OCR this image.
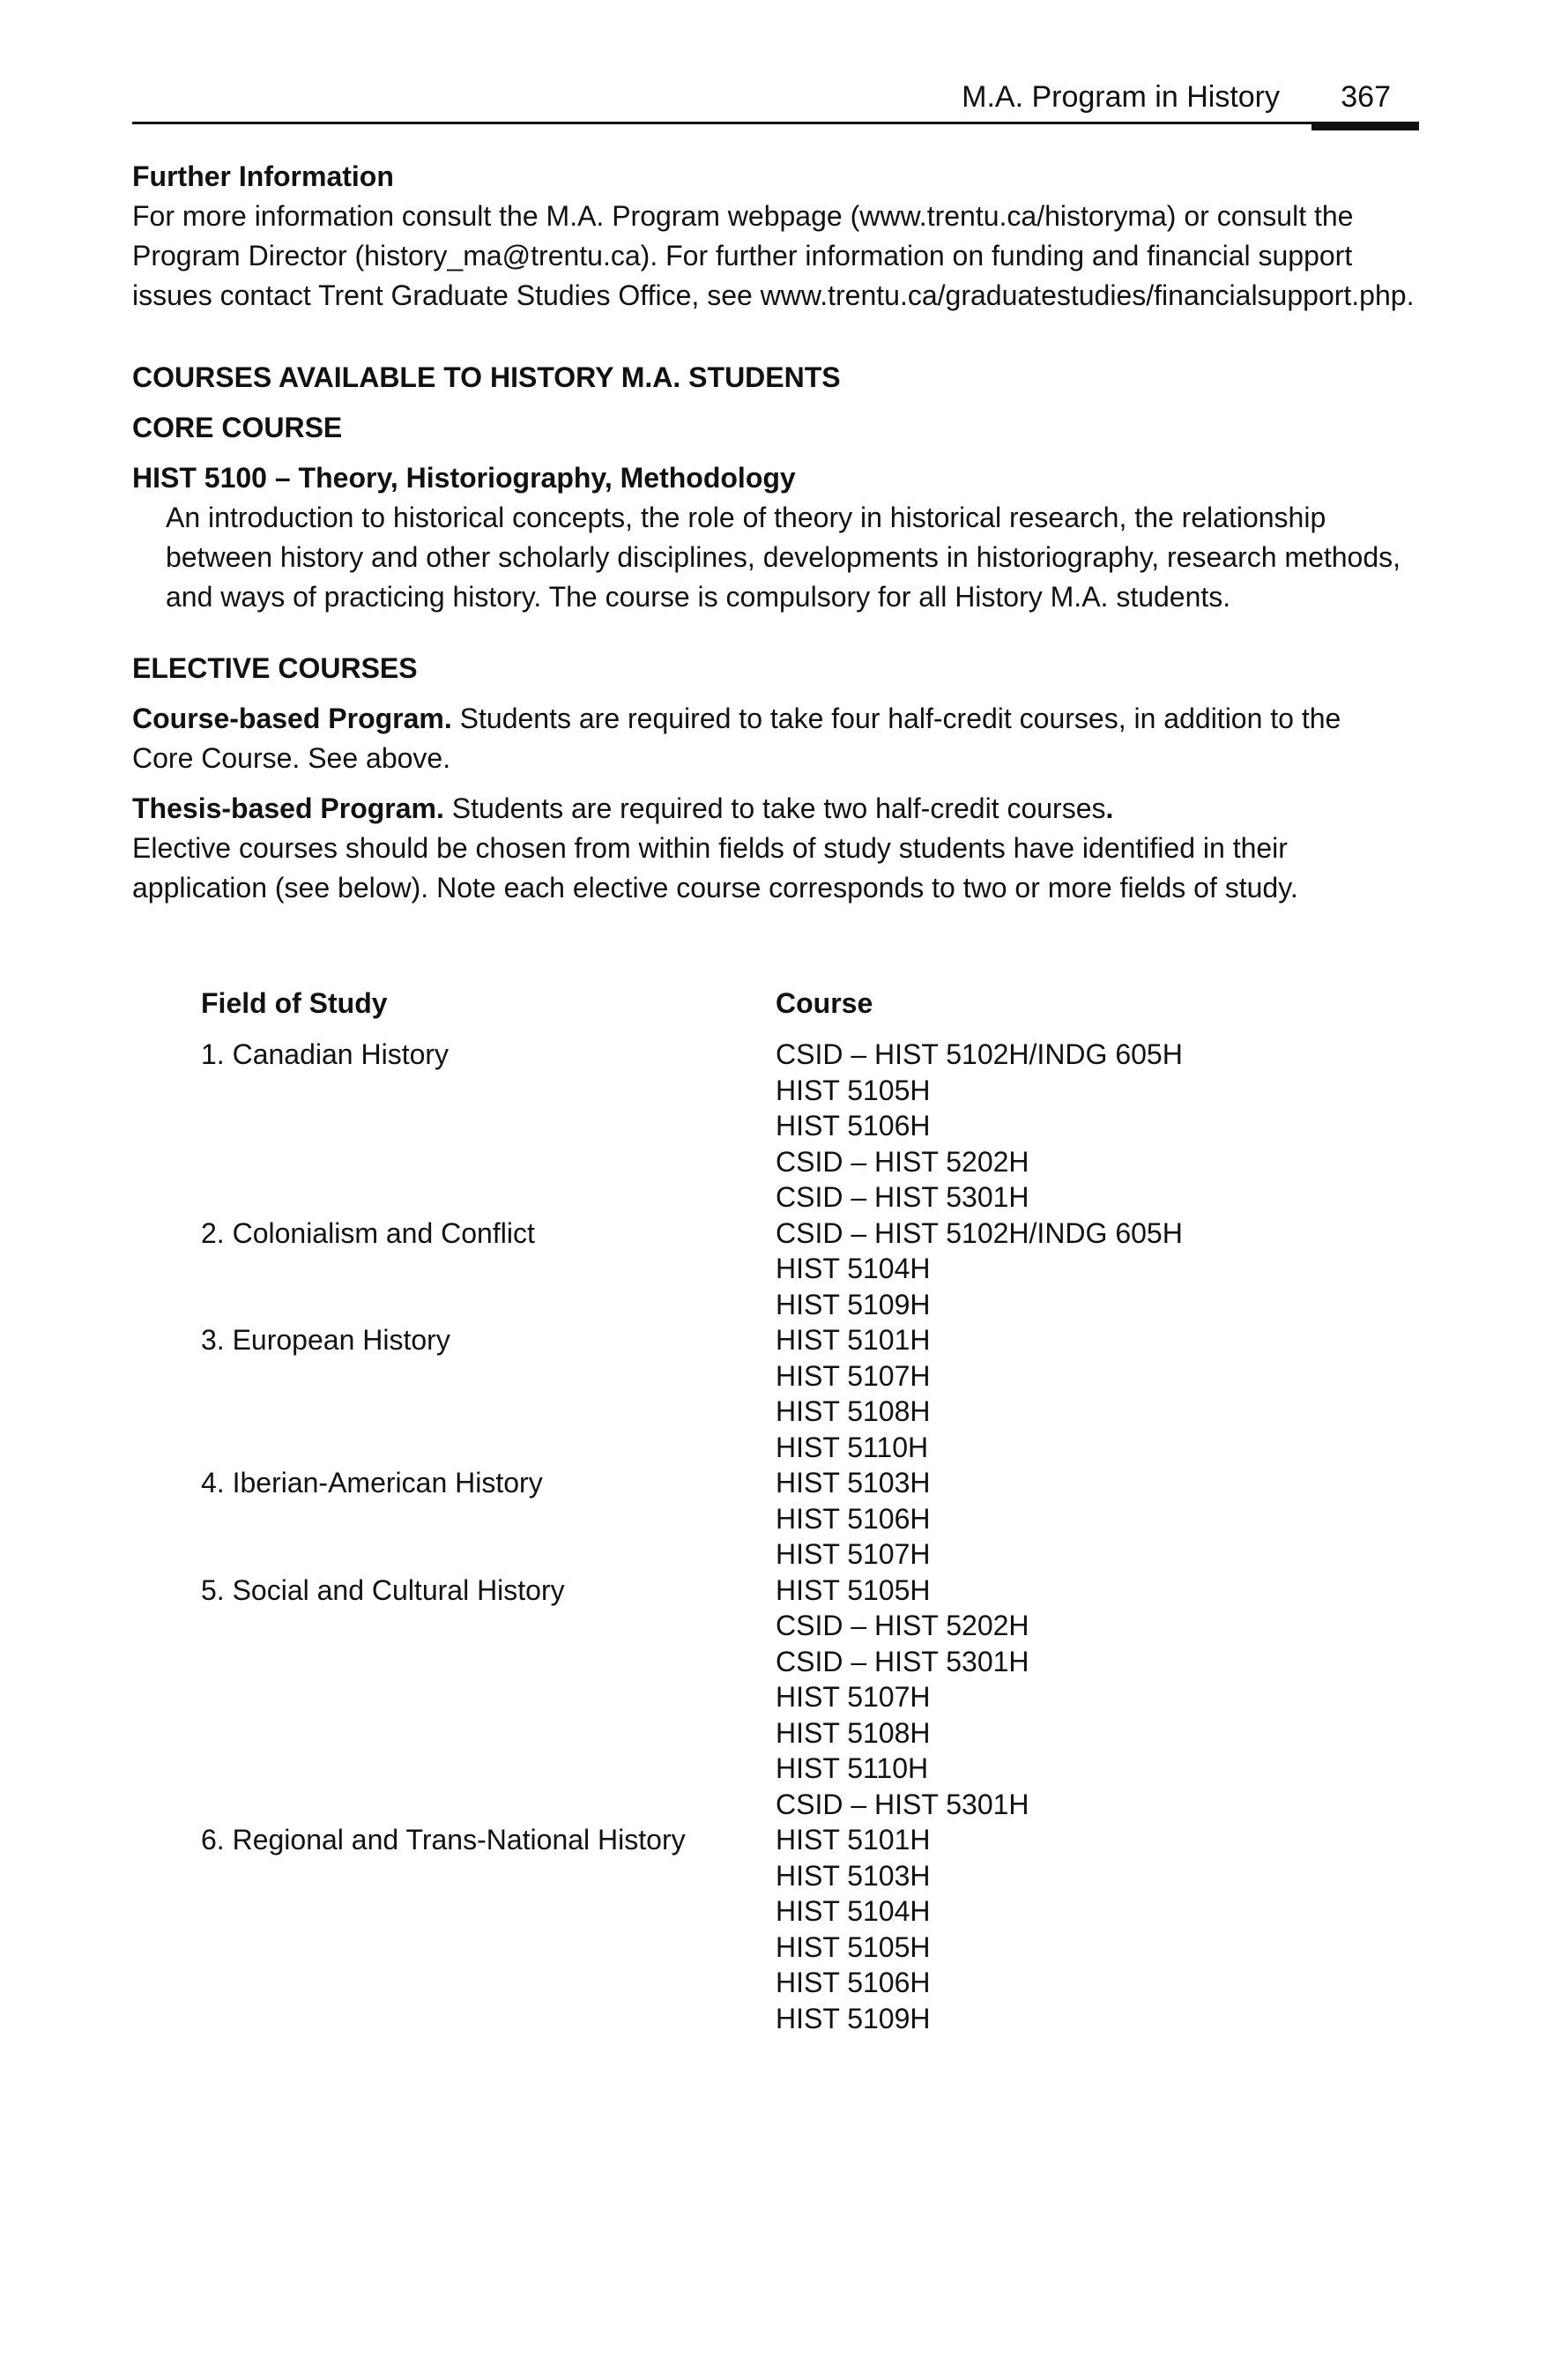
M.A. Program in History 367

Further Information

For more information consult the M.A. Program webpage (www.trentu.ca/historyma) or consult the

Program Director (history_ma@trentu.ca). For further information on funding and financial support

issues contact Trent Graduate Studies Office, see www.trentu.ca/graduatestudies/financialsupport.php.

COURSES AVAILABLE TO HISTORY M.A. STUDENTS

CORE COURSE

HIST 5100 – Theory, Historiography, Methodology

An introduction to historical concepts, the role of theory in historical research, the relationship

between history and other scholarly disciplines, developments in historiography, research methods,

and ways of practicing history. The course is compulsory for all History M.A. students.

ELECTIVE COURSES

Course-based Program. Students are required to take four half-credit courses, in addition to the

Core Course. See above.

Thesis-based Program. Students are required to take two half-credit courses.

Elective courses should be chosen from within fields of study students have identified in their

application (see below). Note each elective course corresponds to two or more fields of study.

Field of Study	Course
1. Canadian History	CSID – HIST 5102H/INDG 605H
HIST 5105H
HIST 5106H
CSID – HIST 5202H
CSID – HIST 5301H
2. Colonialism and Conflict	CSID – HIST 5102H/INDG 605H
HIST 5104H
HIST 5109H
3. European History	HIST 5101H
HIST 5107H
HIST 5108H
HIST 5110H
4. Iberian-American History	HIST 5103H
HIST 5106H
HIST 5107H
5. Social and Cultural History	HIST 5105H
CSID – HIST 5202H
CSID – HIST 5301H
HIST 5107H
HIST 5108H
HIST 5110H
CSID – HIST 5301H
6. Regional and Trans-National History	HIST 5101H
HIST 5103H
HIST 5104H
HIST 5105H
HIST 5106H
HIST 5109H
